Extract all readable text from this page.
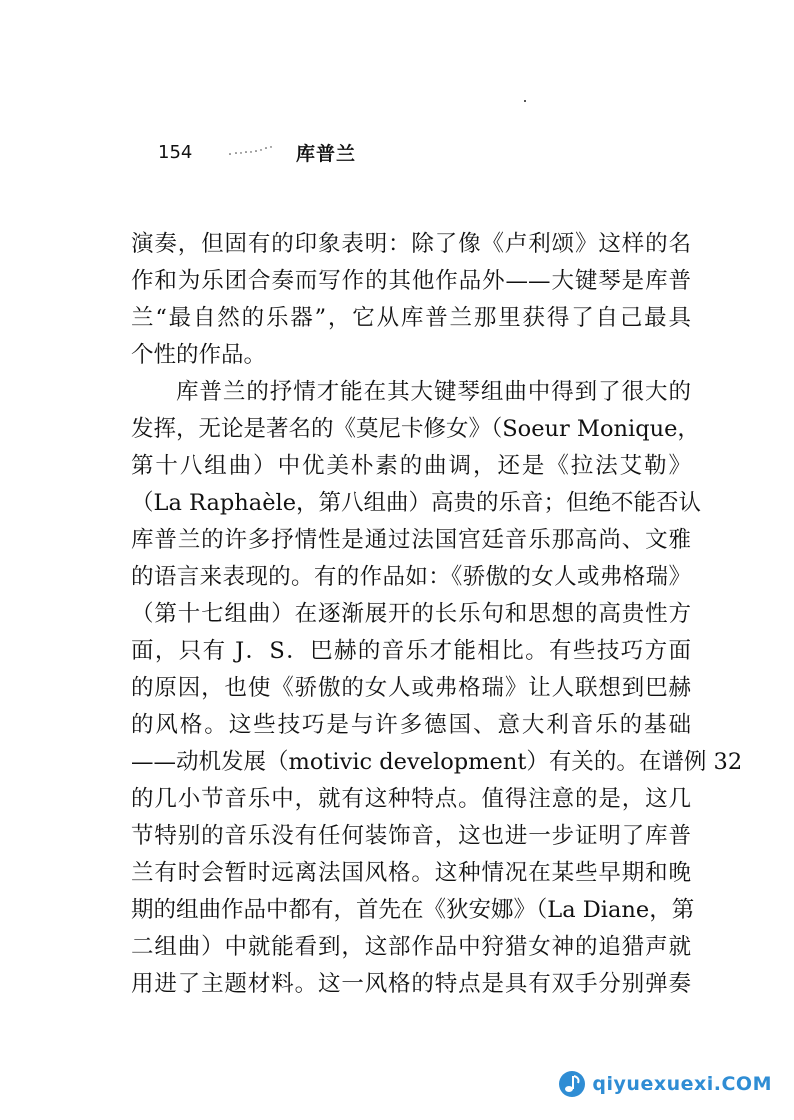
154	库普兰
演奏，但固有的印象表明：除了像《卢利颂》这样的名
作和为乐团合奏而写作的其他作品外——大键琴是库普
兰“最自然的乐器”，它从库普兰那里获得了自己最具
个性的作品。
库普兰的抒情才能在其大键琴组曲中得到了很大的
发挥，无论是著名的《莫尼卡修女》（Soeur Monique，
第十八组曲）中优美朴素的曲调，还是《拉法艾勒》
（La Raphaèle，第八组曲）高贵的乐音；但绝不能否认
库普兰的许多抒情性是通过法国宫廷音乐那高尚、文雅
的语言来表现的。有的作品如：《骄傲的女人或弗格瑞》
（第十七组曲）在逐渐展开的长乐句和思想的高贵性方
面，只有 J．S．巴赫的音乐才能相比。有些技巧方面
的原因，也使《骄傲的女人或弗格瑞》让人联想到巴赫
的风格。这些技巧是与许多德国、意大利音乐的基础
——动机发展（motivic development）有关的。在谱例 32
的几小节音乐中，就有这种特点。值得注意的是，这几
节特别的音乐没有任何装饰音，这也进一步证明了库普
兰有时会暂时远离法国风格。这种情况在某些早期和晚
期的组曲作品中都有，首先在《狄安娜》（La Diane，第
二组曲）中就能看到，这部作品中狩猎女神的追猎声就
用进了主题材料。这一风格的特点是具有双手分别弹奏
qiyuexuexi.COM
